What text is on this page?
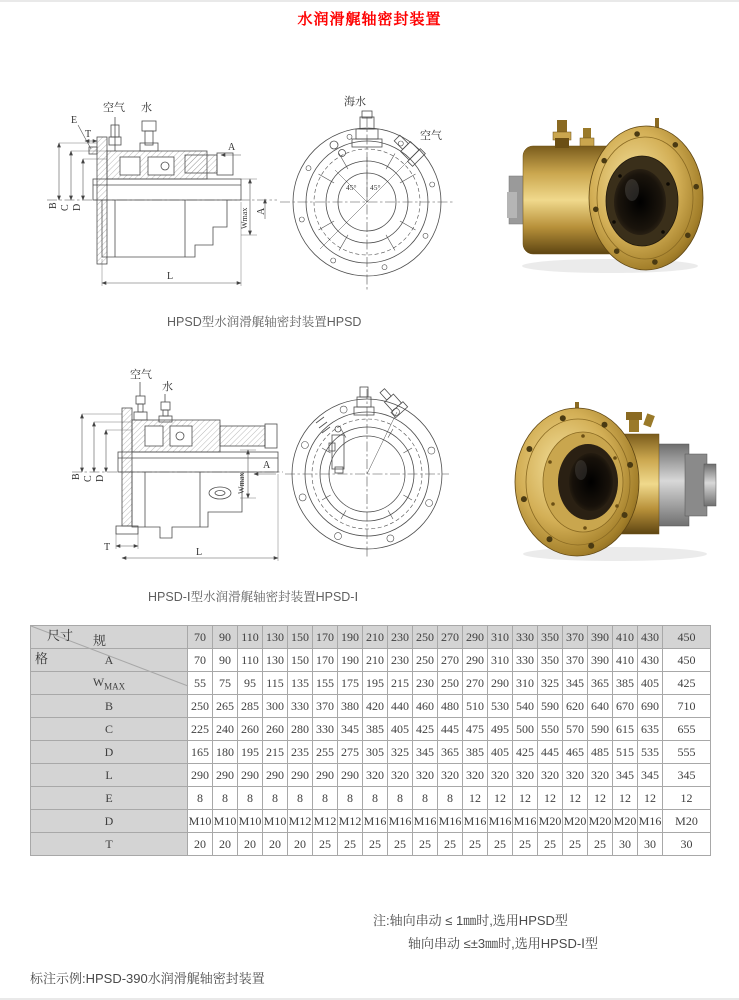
水润滑艉轴密封装置
空气 水
E
T
A
B C D
L
Wmax A
海水
空气
45° 45°
HPSD型水润滑艉轴密封装置HPSD
空气
水
B C D
T	L
Wmax
A
HPSD-Ⅰ型水润滑艉轴密封装置HPSD-Ⅰ
规
格
尺寸	70	90	110	130	150	170	190	210	230	250	270	290	310	330	350	370	390	410	430	450
A	70	90	110	130	150	170	190	210	230	250	270	290	310	330	350	370	390	410	430	450
$W_{MAX}$	55	75	95	115	135	155	175	195	215	230	250	270	290	310	325	345	365	385	405	425
B	250	265	285	300	330	370	380	420	440	460	480	510	530	540	590	620	640	670	690	710
C	225	240	260	260	280	330	345	385	405	425	445	475	495	500	550	570	590	615	635	655
D	165	180	195	215	235	255	275	305	325	345	365	385	405	425	445	465	485	515	535	555
L	290	290	290	290	290	290	290	320	320	320	320	320	320	320	320	320	320	345	345	345
E	8	8	8	8	8	8	8	8	8	8	8	12	12	12	12	12	12	12	12	12
D	M10	M10	M10	M10	M12	M12	M12	M16	M16	M16	M16	M16	M16	M16	M20	M20	M20	M20	M16	M20
T	20	20	20	20	20	25	25	25	25	25	25	25	25	25	25	25	25	30	30	30
注:轴向串动 ≤ 1㎜时,选用HPSD型
轴向串动 ≤±3㎜时,选用HPSD-Ⅰ型
标注示例:HPSD-390水润滑艉轴密封装置
